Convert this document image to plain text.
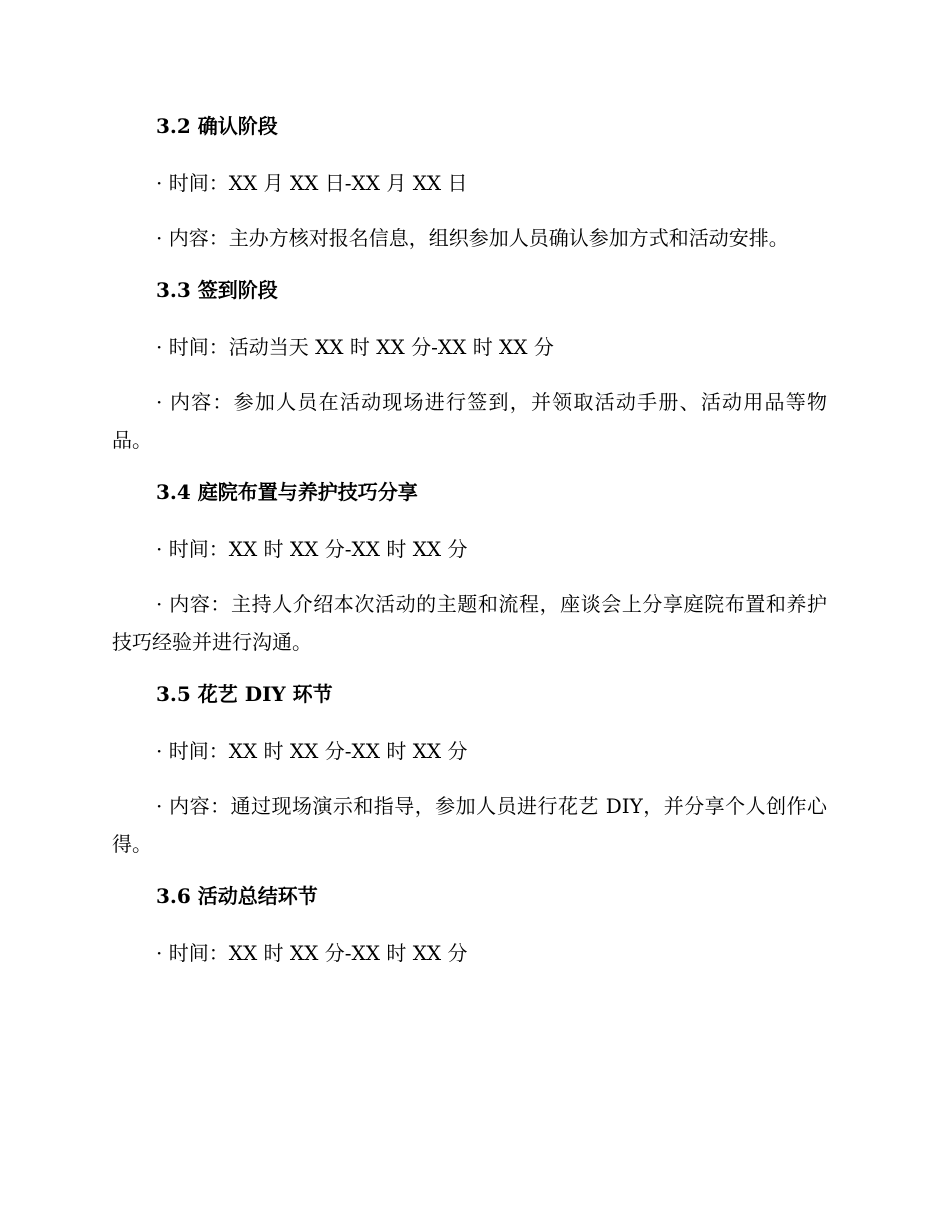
3.2 确认阶段
· 时间：XX 月 XX 日-XX 月 XX 日
· 内容：主办方核对报名信息，组织参加人员确认参加方式和活动安排。
3.3 签到阶段
· 时间：活动当天 XX 时 XX 分-XX 时 XX 分
· 内容：参加人员在活动现场进行签到，并领取活动手册、活动用品等物品。
3.4 庭院布置与养护技巧分享
· 时间：XX 时 XX 分-XX 时 XX 分
· 内容：主持人介绍本次活动的主题和流程，座谈会上分享庭院布置和养护技巧经验并进行沟通。
3.5 花艺 DIY 环节
· 时间：XX 时 XX 分-XX 时 XX 分
· 内容：通过现场演示和指导，参加人员进行花艺 DIY，并分享个人创作心得。
3.6 活动总结环节
· 时间：XX 时 XX 分-XX 时 XX 分
